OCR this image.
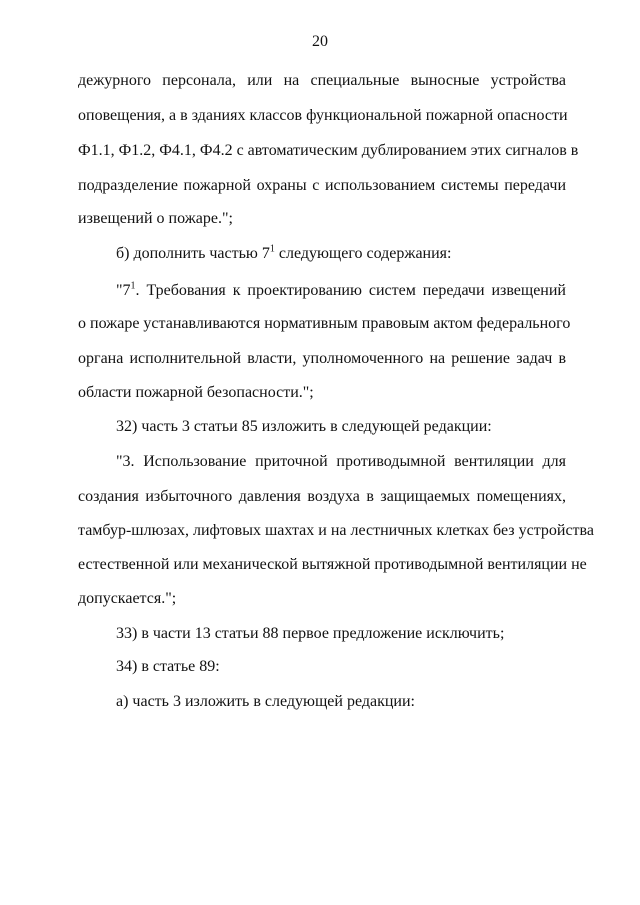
20
дежурного персонала, или на специальные выносные устройства
оповещения, а в зданиях классов функциональной пожарной опасности
Ф1.1, Ф1.2, Ф4.1, Ф4.2 с автоматическим дублированием этих сигналов в
подразделение пожарной охраны с использованием системы передачи
извещений о пожаре.";
б) дополнить частью $7^1$ следующего содержания:
"$7^1$. Требования к проектированию систем передачи извещений
о пожаре устанавливаются нормативным правовым актом федерального
органа исполнительной власти, уполномоченного на решение задач в
области пожарной безопасности.";
32) часть 3 статьи 85 изложить в следующей редакции:
"3. Использование приточной противодымной вентиляции для
создания избыточного давления воздуха в защищаемых помещениях,
тамбур-шлюзах, лифтовых шахтах и на лестничных клетках без устройства
естественной или механической вытяжной противодымной вентиляции не
допускается.";
33) в части 13 статьи 88 первое предложение исключить;
34) в статье 89:
а) часть 3 изложить в следующей редакции:
